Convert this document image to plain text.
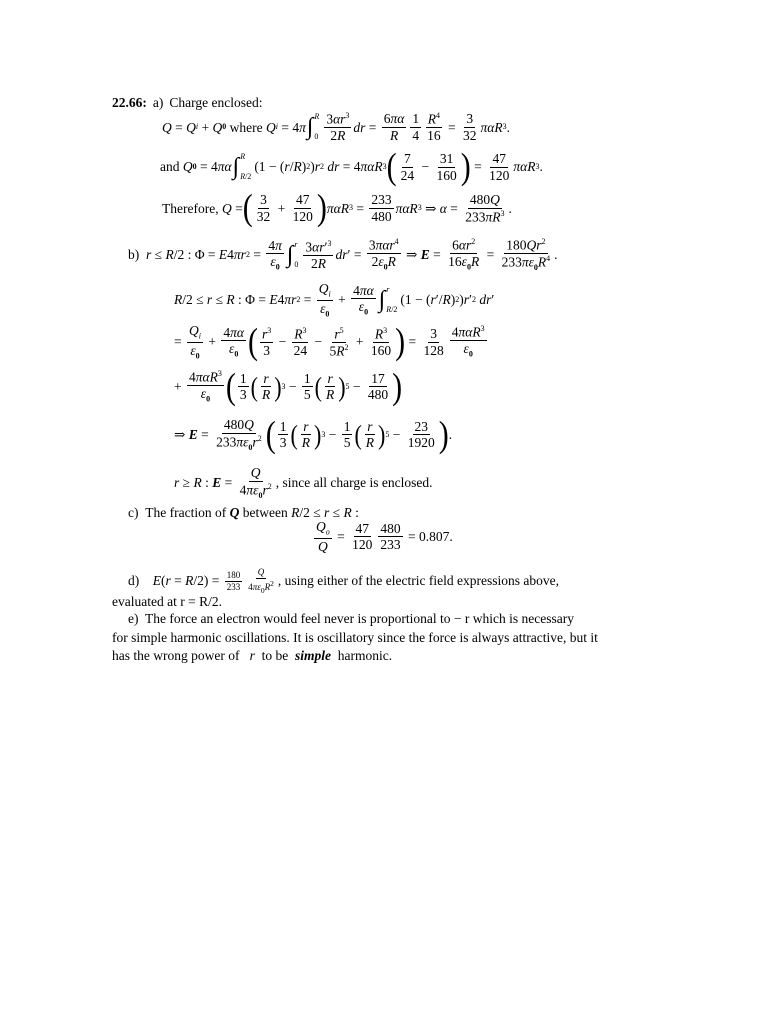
22.66: a) Charge enclosed:
Q = Q i + Q 0 where Q i = 4 π ∫ R
$0 \frac{3\alpha r^3}{2R}$ dr = $\frac{6\pi\alpha}{R} \frac{1}{4} \frac{R^4}{16} = \frac{3}{32}$ παR 3 .
and Q 0 = 4 πα ∫ R
R/2
(1 − ( r / R ) 2 ) r 2
dr = 4 παR 3 ( $\frac{7}{24} - \frac{31}{160}$ ) = $\frac{47}{120}$ παR 3 .
Therefore, Q = ( $\frac{3}{32} + \frac{47}{120}$ ) παR $3 = \frac{233}{480}$ παR 3 ⇒ $\alpha = \frac{480Q}{233\pi R^3}$ .
b) r ≤ R /2 : Φ = E 4 πr $2 = \frac{4\pi}{\varepsilon_0}$ ∫ r
$0 \frac{3\alpha r'^3}{2R}$ dr ′ = $\frac{3\pi\alpha r^4}{2\varepsilon_0R}$ ⇒ $E = \frac{6\alpha r^2}{16\varepsilon_0R} = \frac{180Qr^2}{233\pi\varepsilon_0R^4}$ .
R /2 ≤ r ≤ R : Φ = E 4 πr $2 = \frac{Q_i}{\varepsilon_0} + \frac{4\pi\alpha}{\varepsilon_0}$ ∫ r
R/2
(1 − ( r ′/ R ) 2 ) r ′ 2
dr ′
= $\frac{Q_i}{\varepsilon_0} + \frac{4\pi\alpha}{\varepsilon_0}$ ( $\frac{r^3}{3} - \frac{R^3}{24} - \frac{r^5}{5R^2} + \frac{R^3}{160}$ ) = $\frac{3}{128} \frac{4\pi\alpha R^3}{\varepsilon_0}$
+ $\frac{4\pi\alpha R^3}{\varepsilon_0}$ ( $\frac{1}{3}$ ( $\frac{r}{R}$ ) $3 - \frac{1}{5}$ ( $\frac{r}{R}$ ) $5 - \frac{17}{480}$ )
⇒ $E = \frac{480Q}{233\pi\varepsilon_0r^2}$ ( $\frac{1}{3}$ ( $\frac{r}{R}$ ) $3 - \frac{1}{5}$ ( $\frac{r}{R}$ ) $5 - \frac{23}{1920}$ ) .
r ≥ R : $E = \frac{Q}{4\pi\varepsilon_0r^2}$ , since all charge is enclosed.
c)
The fraction of
Q
between
R /2 ≤ r ≤ R :
$\frac{Q_o}{Q} = \frac{47}{120} \frac{480}{233}$
= 0.807.
d)
E ( r = R $/2) = \frac{180}{233} \frac{Q}{4\pi\varepsilon_0R^2}$ , using either of the electric field expressions above,
evaluated at r = R/2.
e) The force an electron would feel never is proportional to − r which is necessary
for simple harmonic oscillations. It is oscillatory since the force is always attractive, but it
has the wrong power of r to be simple harmonic.
